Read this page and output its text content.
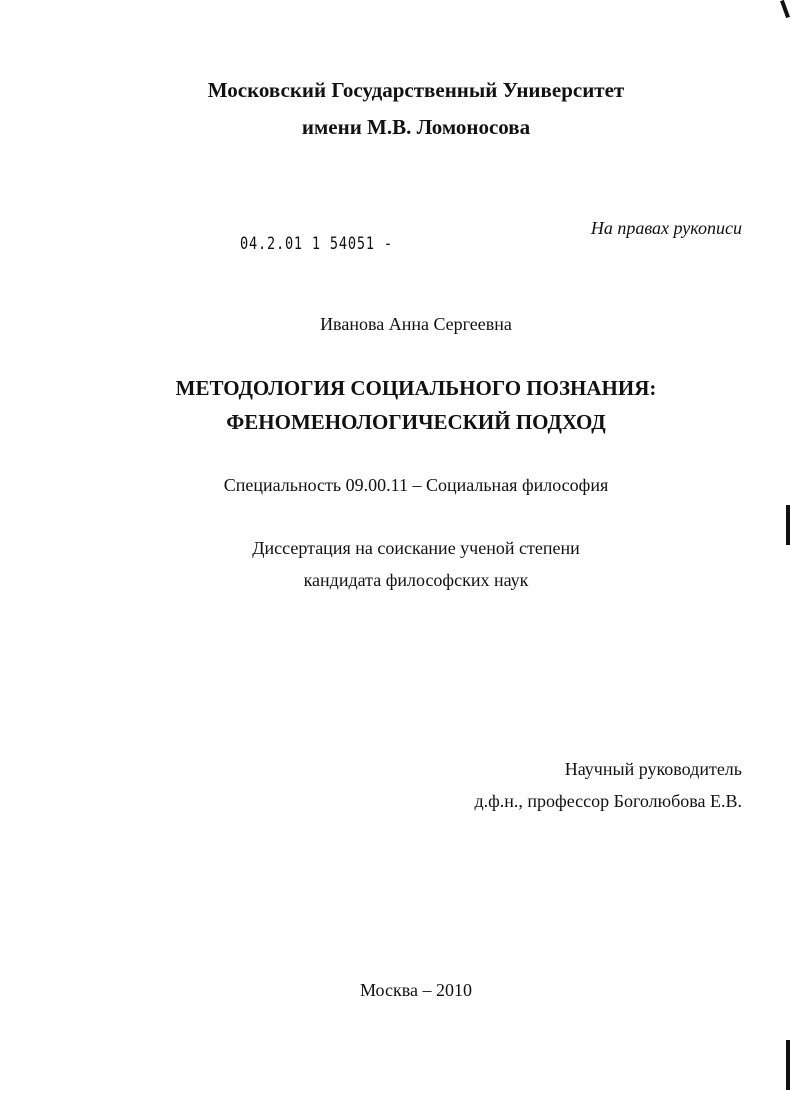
Московский Государственный Университет
имени М.В. Ломоносова
04.2.01 1 54051 -
На правах рукописи
Иванова Анна Сергеевна
МЕТОДОЛОГИЯ СОЦИАЛЬНОГО ПОЗНАНИЯ:
ФЕНОМЕНОЛОГИЧЕСКИЙ ПОДХОД
Специальность 09.00.11 – Социальная философия
Диссертация на соискание ученой степени
кандидата философских наук
Научный руководитель
д.ф.н., профессор Боголюбова Е.В.
Москва – 2010
